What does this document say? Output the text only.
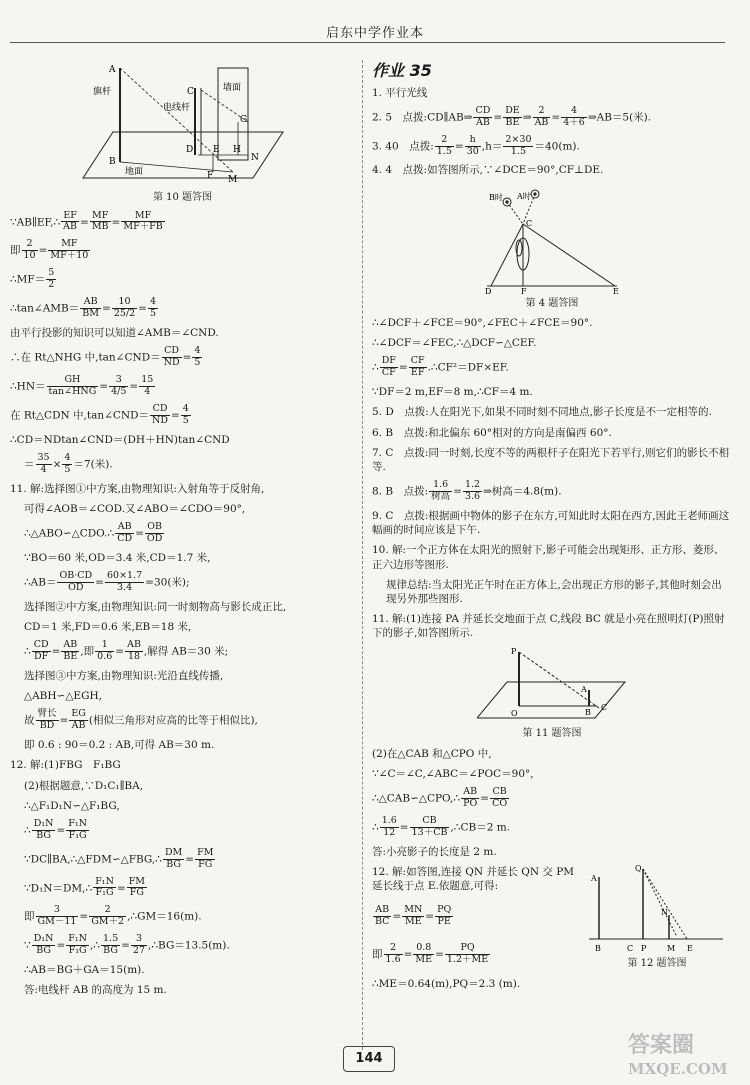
启东中学作业本
A
B
C
D E
F
G
H
M
N
旗杆
电线杆
墙面
地面
第 10 题答图
∵AB∥EF,∴ $\frac{EF}{AB} = \frac{MF}{MB} = \frac{MF}{MF+FB}$
即 $\frac{2}{10} = \frac{MF}{MF+10}$
∴MF＝ $\frac{5}{2}$
∴tan∠AMB＝ $\frac{AB}{BM} = \frac{10}{25/2} = \frac{4}{5}$
由平行投影的知识可以知道∠AMB＝∠CND.
∴在 Rt△NHG 中,tan∠CND＝ $\frac{CD}{ND} = \frac{4}{5}$
∴HN＝ $\frac{GH}{\text{tan∠HNG}} = \frac{3}{4/5} = \frac{15}{4}$
在 Rt△CDN 中,tan∠CND＝ $\frac{CD}{ND} = \frac{4}{5}$
∴CD＝NDtan∠CND＝(DH＋HN)tan∠CND
＝ $\frac{35}{4} \times \frac{4}{5} =7$(米).
11. 解:选择图①中方案,由物理知识:入射角等于反射角,
可得∠AOB＝∠COD.又∠ABO＝∠CDO＝90°,
∴△ABO∽△CDO.∴ $\frac{AB}{CD} = \frac{OB}{OD}$
∵BO＝60 米,OD＝3.4 米,CD＝1.7 米,
∴AB＝ $\frac{OB\cdot CD}{OD} = \frac{60\times 1.7}{3.4} =30$(米);
选择图②中方案,由物理知识:同一时刻物高与影长成正比,
CD＝1 米,FD＝0.6 米,EB＝18 米,
∴ $\frac{CD}{DF} = \frac{AB}{BE}$ ,即 $\frac{1}{0.6} = \frac{AB}{18}$ ,解得 AB＝30 米;
选择图③中方案,由物理知识:光沿直线传播,
△ABH∽△EGH,
故 $\frac{\text{臂长}}{BD} = \frac{EG}{AB}$ (相似三角形对应高的比等于相似比),
即 0.6 : 90＝0.2 : AB,可得 AB＝30 m.
12. 解:(1)FBG　F₁BG
(2)根据题意,∵D₁C₁∥BA,
∴△F₁D₁N∽△F₁BG,
∴ $\frac{\text{D₁N}}{BG} = \frac{\text{F₁N}}{\text{F₁G}}$
∵DC∥BA,∴△FDM∽△FBG,∴ $\frac{DM}{BG} = \frac{FM}{FG}$
∵D₁N＝DM,∴ $\frac{\text{F₁N}}{\text{F₁G}} = \frac{FM}{FG}$
即 $\frac{3}{GM-11} = \frac{2}{GM+2}$ ,∴GM＝16(m).
∵ $\frac{\text{D₁N}}{BG} = \frac{\text{F₁N}}{\text{F₁G}}$ ,∴ $\frac{1.5}{BG} = \frac{3}{27}$ ,∴BG＝13.5(m).
∴AB＝BG＋GA＝15(m).
答:电线杆 AB 的高度为 15 m.
作业 35
1. 平行光线
2. 5　点拨:CD∥AB⇒ $\frac{CD}{AB} = \frac{DE}{BE}$ ⇒ $\frac{2}{AB} = \frac{4}{4+6}$ ⇒AB＝5(米).
3. 40　点拨: $\frac{2}{1.5} = \frac{h}{30} ,h= \frac{2\times 30}{1.5} =40(m)$.
4. 4　点拨:如答图所示,∵∠DCE＝90°,CF⊥DE.
A时
B时
C
D	E
F
第 4 题答图
∴∠DCF＋∠FCE＝90°,∠FEC＋∠FCE＝90°.
∴∠DCF＝∠FEC,∴△DCF∽△CEF.
∴ $\frac{DF}{CF} = \frac{CF}{EF}$ .∴CF²＝DF×EF.
∵DF＝2 m,EF＝8 m,∴CF＝4 m.
5. D　点拨:人在阳光下,如果不同时刻不同地点,影子长度是不一定相等的.
6. B　点拨:和北偏东 60°相对的方向是南偏西 60°.
7. C　点拨:同一时刻,长度不等的两根杆子在阳光下若平行,则它们的影长不相等.
8. B　点拨: $\frac{1.6}{\text{树高}} = \frac{1.2}{3.6}$ ⇒树高＝4.8(m).
9. C　点拨:根据画中物体的影子在东方,可知此时太阳在西方,因此王老师画这幅画的时间应该是下午.
10. 解:一个正方体在太阳光的照射下,影子可能会出现矩形、正方形、菱形、正六边形等图形.
规律总结:当太阳光正午时在正方体上,会出现正方形的影子,其他时刻会出现另外那些图形.
11. 解:(1)连接 PA 并延长交地面于点 C,线段 BC 就是小亮在照明灯(P)照射下的影子,如答图所示.
P
O
A
B
C
第 11 题答图
(2)在△CAB 和△CPO 中,
∵∠C＝∠C,∠ABC＝∠POC＝90°,
∴△CAB∽△CPO,∴ $\frac{AB}{PO} = \frac{CB}{CO}$
∴ $\frac{1.6}{12} = \frac{CB}{13+CB}$ ,∴CB＝2 m.
答:小亮影子的长度是 2 m.
12. 解:如答图,连接 QN 并延长 QN 交 PM 延长线于点 E.依题意,可得:
$\frac{AB}{BC} = \frac{MN}{ME} = \frac{PQ}{PE}$
即 $\frac{2}{1.6} = \frac{0.8}{ME} = \frac{PQ}{1.2+ME}$
A
B	C P	M E
Q
N
第 12 题答图
∴ME＝0.64(m),PQ＝2.3 (m).
144
答案圈
MXQE.COM
